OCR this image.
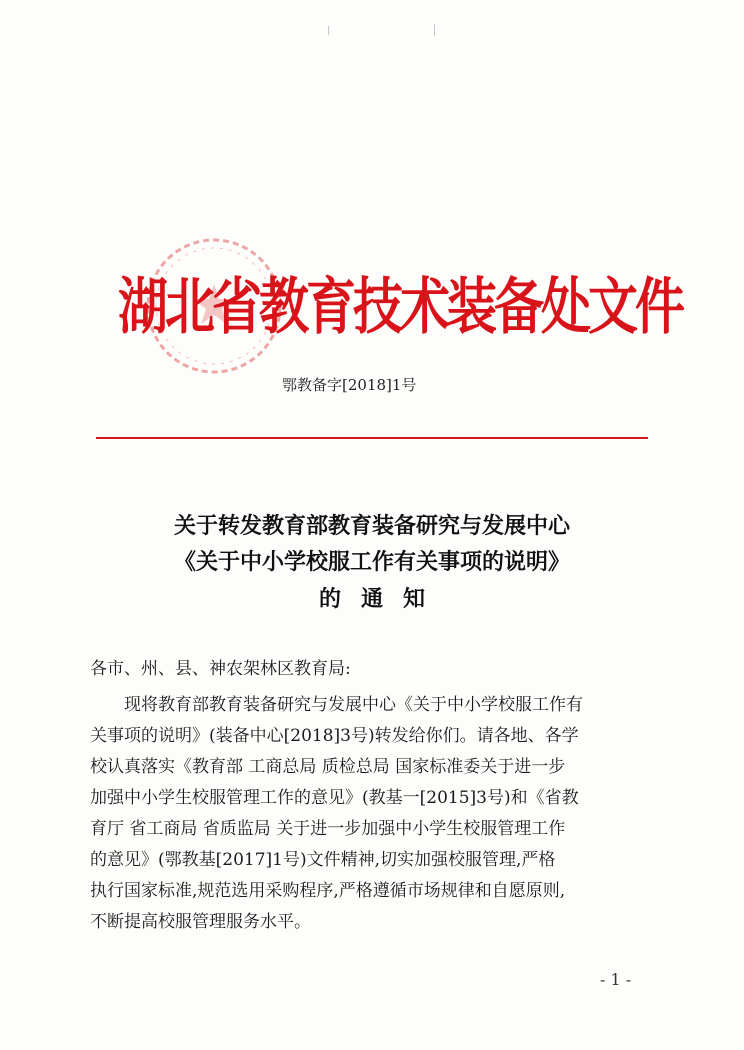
湖北省教育技术装备处文件
鄂教备字[2018]1号
关于转发教育部教育装备研究与发展中心
《关于中小学校服工作有关事项的说明》
的通知
各市、州、县、神农架林区教育局:
　　现将教育部教育装备研究与发展中心《关于中小学校服工作有
关事项的说明》(装备中心[2018]3号)转发给你们。请各地、各学
校认真落实《教育部 工商总局 质检总局 国家标准委关于进一步
加强中小学生校服管理工作的意见》(教基一[2015]3号)和《省教
育厅 省工商局 省质监局 关于进一步加强中小学生校服管理工作
的意见》(鄂教基[2017]1号)文件精神,切实加强校服管理,严格
执行国家标准,规范选用采购程序,严格遵循市场规律和自愿原则,
不断提高校服管理服务水平。
- 1 -
